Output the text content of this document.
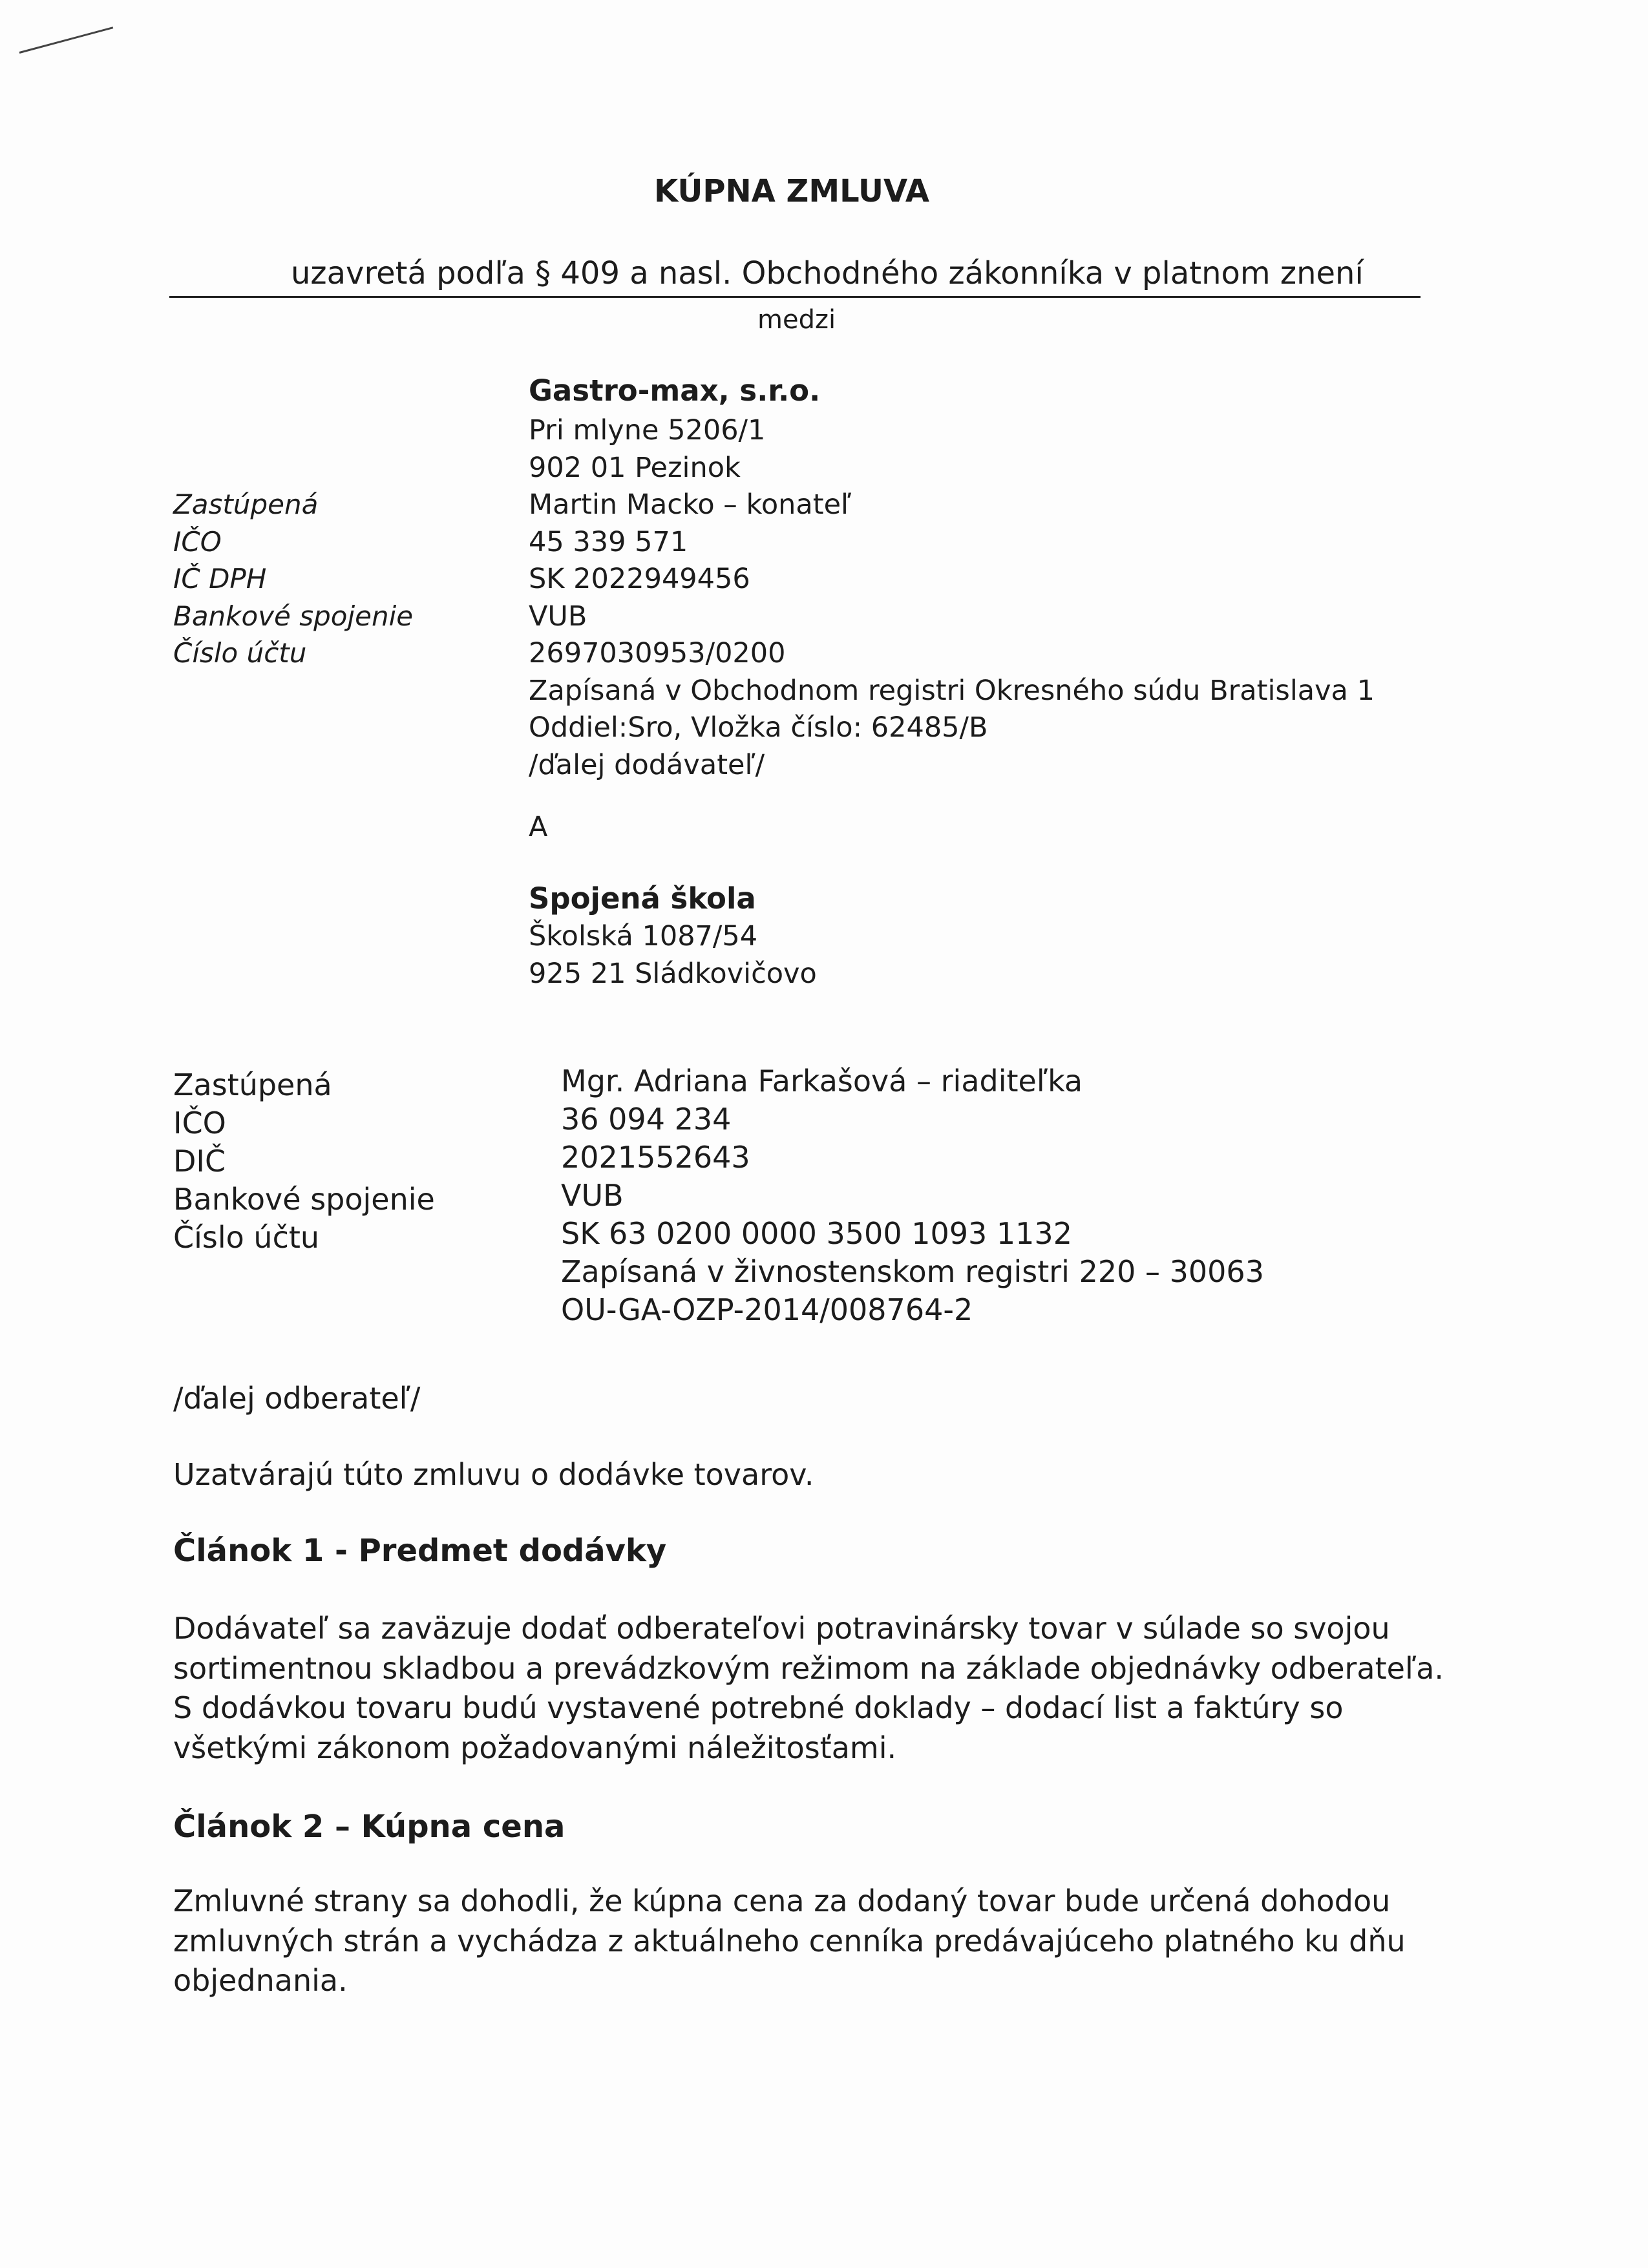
KÚPNA ZMLUVA
uzavretá podľa § 409 a nasl. Obchodného zákonníka v platnom znení
medzi
Gastro-max, s.r.o.
Pri mlyne 5206/1
902 01 Pezinok
Martin Macko – konateľ
45 339 571
SK 2022949456
VUB
2697030953/0200
Zapísaná v Obchodnom registri Okresného súdu Bratislava 1
Oddiel:Sro, Vložka číslo: 62485/B
/ďalej dodávateľ/
Zastúpená
IČO
IČ DPH
Bankové spojenie
Číslo účtu
A
Spojená škola
Školská 1087/54
925 21 Sládkovičovo
Zastúpená
IČO
DIČ
Bankové spojenie
Číslo účtu
Mgr. Adriana Farkašová – riaditeľka
36 094 234
2021552643
VUB
SK 63 0200 0000 3500 1093 1132
Zapísaná v živnostenskom registri 220 – 30063
OU-GA-OZP-2014/008764-2
/ďalej odberateľ/
Uzatvárajú túto zmluvu o dodávke tovarov.
Článok 1 - Predmet dodávky
Dodávateľ sa zaväzuje dodať odberateľovi potravinársky tovar v súlade so svojou
sortimentnou skladbou a prevádzkovým režimom na základe objednávky odberateľa.
S dodávkou tovaru budú vystavené potrebné doklady – dodací list a faktúry so
všetkými zákonom požadovanými náležitosťami.
Článok 2 – Kúpna cena
Zmluvné strany sa dohodli, že kúpna cena za dodaný tovar bude určená dohodou
zmluvných strán a vychádza z aktuálneho cenníka predávajúceho platného ku dňu
objednania.
